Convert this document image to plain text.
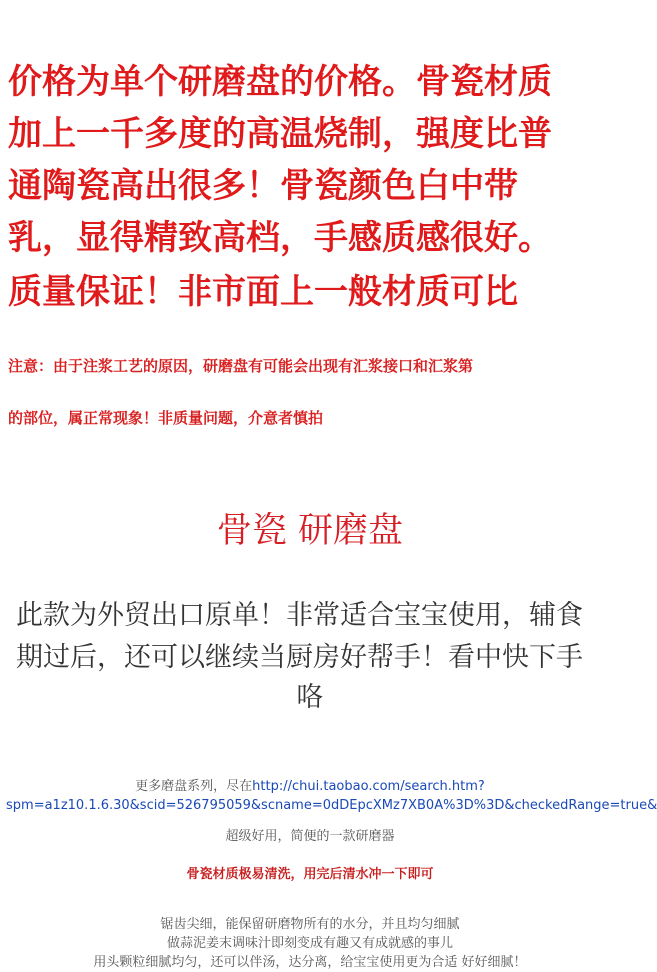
价格为单个研磨盘的价格。骨瓷材质
加上一千多度的高温烧制，强度比普
通陶瓷高出很多！骨瓷颜色白中带
乳，显得精致高档，手感质感很好。
质量保证！非市面上一般材质可比
注意：由于注浆工艺的原因，研磨盘有可能会出现有汇浆接口和汇浆第
的部位，属正常现象！非质量问题，介意者慎拍
骨瓷 研磨盘
此款为外贸出口原单！非常适合宝宝使用，辅食
期过后，还可以继续当厨房好帮手！看中快下手
咯
更多磨盘系列，尽在http://chui.taobao.com/search.htm?
spm=a1z10.1.6.30&scid=526795059&scname=0dDEpcXMz7XB0A%3D%3D&checkedRange=true&
超级好用，简便的一款研磨器
骨瓷材质极易清洗，用完后清水冲一下即可
锯齿尖细，能保留研磨物所有的水分，并且均匀细腻
做蒜泥姜末调味汁即刻变成有趣又有成就感的事儿
用头颗粒细腻均匀，还可以伴汤，达分离，给宝宝使用更为合适 好好细腻！
